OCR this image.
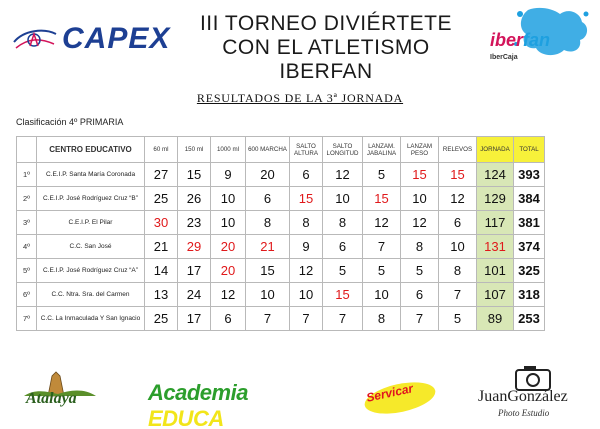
CAPEX	III TORNEO DIVIÉRTETE
CON EL ATLETISMO IBERFAN
iberfan
IberCaja
RESULTADOS DE LA 3ª JORNADA
Clasificación 4º PRIMARIA
	CENTRO EDUCATIVO	60 ml	150 ml	1000 ml	600 MARCHA	SALTO ALTURA	SALTO LONGITUD	LANZAM. JABALINA	LANZAM PESO	RELEVOS	JORNADA	TOTAL
1º	C.E.I.P. Santa María Coronada	27	15	9	20	6	12	5	15	15	124	393
2º	C.E.I.P. José Rodríguez Cruz “B”	25	26	10	6	15	10	15	10	12	129	384
3º	C.E.I.P. El Pilar	30	23	10	8	8	8	12	12	6	117	381
4º	C.C. San José	21	29	20	21	9	6	7	8	10	131	374
5º	C.E.I.P. José Rodríguez Cruz “A”	14	17	20	15	12	5	5	5	8	101	325
6º	C.C. Ntra. Sra. del Carmen	13	24	12	10	10	15	10	6	7	107	318
7º	C.C. La Inmaculada Y San Ignacio	25	17	6	7	7	7	8	7	5	89	253
Atalaya	Academia EDUCA
Servicar	JuanGonzález
Photo Estudio
